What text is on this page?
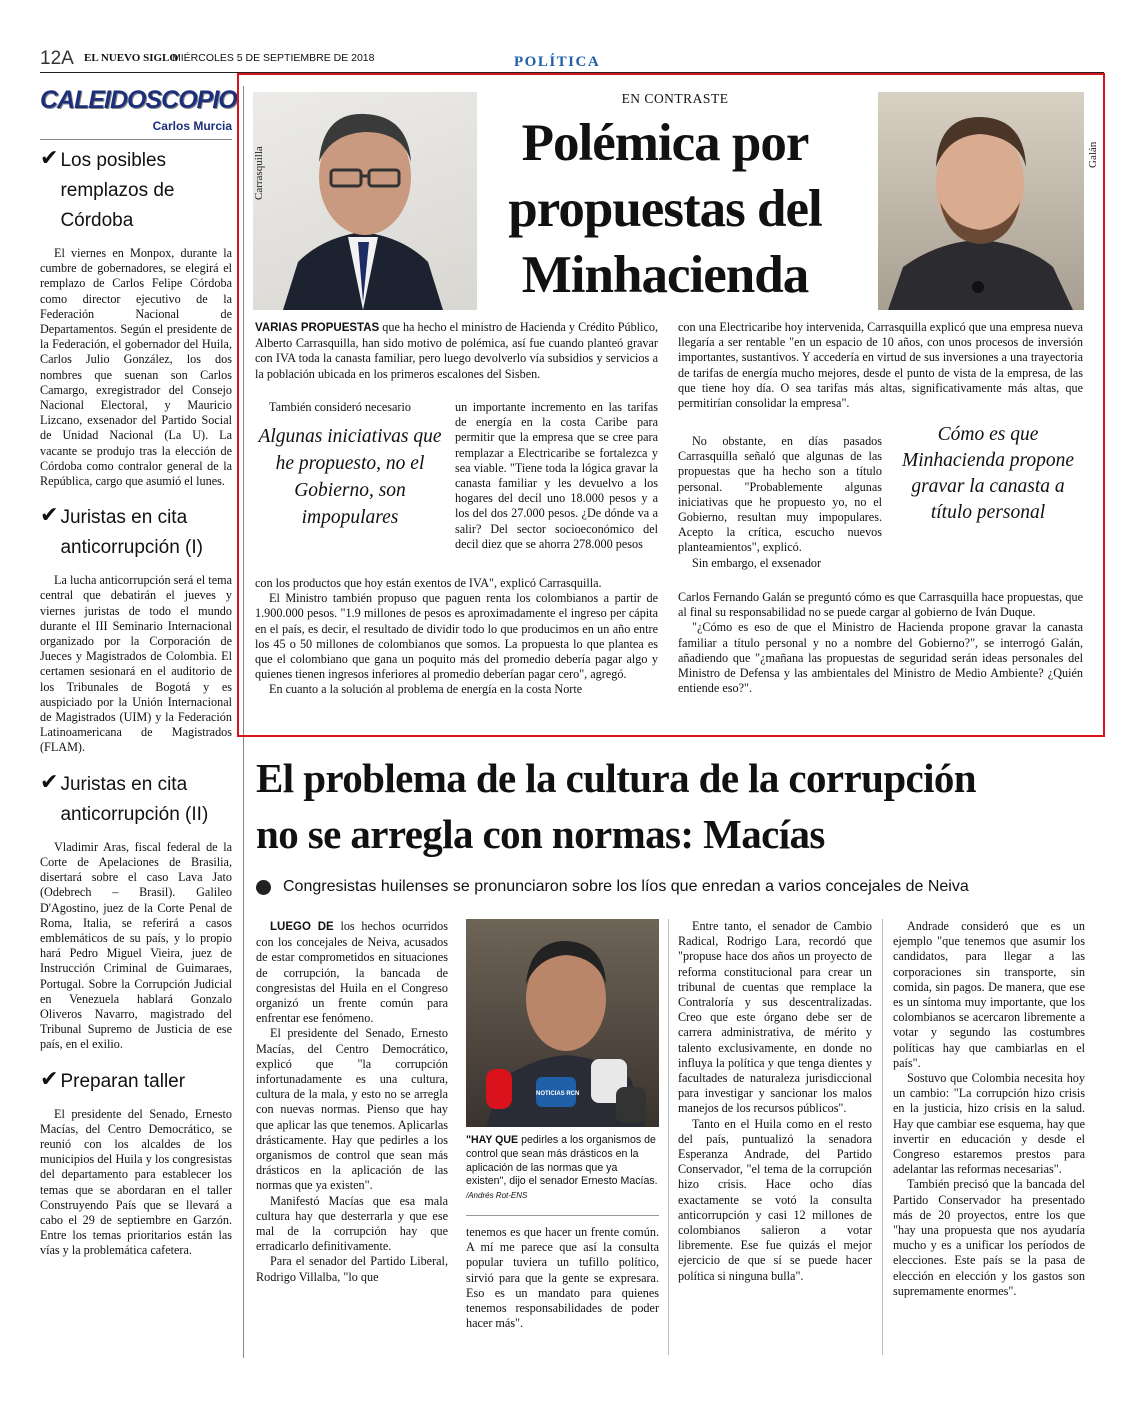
12A EL NUEVO SIGLO
MIÉRCOLES 5 DE SEPTIEMBRE DE 2018	POLÍTICA
CALEIDOSCOPIO
Carlos Murcia
✔ Los posibles remplazos de Córdoba
El viernes en Monpox, durante la cumbre de gobernadores, se elegirá el remplazo de Carlos Felipe Córdoba como director ejecutivo de la Federación Nacional de Departamentos. Según el presidente de la Federación, el gobernador del Huila, Carlos Julio González, los dos nombres que suenan son Carlos Camargo, exregistrador del Consejo Nacional Electoral, y Mauricio Lizcano, exsenador del Partido Social de Unidad Nacional (La U). La vacante se produjo tras la elección de Córdoba como contralor general de la República, cargo que asumió el lunes.
✔ Juristas en cita anticorrupción (I)
La lucha anticorrupción será el tema central que debatirán el jueves y viernes juristas de todo el mundo durante el III Seminario Internacional organizado por la Corporación de Jueces y Magistrados de Colombia. El certamen sesionará en el auditorio de los Tribunales de Bogotá y es auspiciado por la Unión Internacional de Magistrados (UIM) y la Federación Latinoamericana de Magistrados (FLAM).
✔ Juristas en cita anticorrupción (II)
Vladimir Aras, fiscal federal de la Corte de Apelaciones de Brasilia, disertará sobre el caso Lava Jato (Odebrech – Brasil). Galileo D'Agostino, juez de la Corte Penal de Roma, Italia, se referirá a casos emblemáticos de su país, y lo propio hará Pedro Miguel Vieira, juez de Instrucción Criminal de Guimaraes, Portugal. Sobre la Corrupción Judicial en Venezuela hablará Gonzalo Oliveros Navarro, magistrado del Tribunal Supremo de Justicia de ese país, en el exilio.
✔ Preparan taller
El presidente del Senado, Ernesto Macías, del Centro Democrático, se reunió con los alcaldes de los municipios del Huila y los congresistas del departamento para establecer los temas que se abordaran en el taller Construyendo País que se llevará a cabo el 29 de septiembre en Garzón. Entre los temas prioritarios están las vías y la problemática cafetera.
EN CONTRASTE
Polémica por
propuestas del
Minhacienda
Carrasquilla	Galán

VARIAS PROPUESTAS que ha hecho el ministro de Hacienda y Crédito Público, Alberto Carrasquilla, han sido motivo de polémica, así fue cuando planteó gravar con IVA toda la canasta familiar, pero luego devolverlo vía subsidios y servicios a la población ubicada en los primeros escalones del Sisben.

También consideró necesario
Algunas iniciativas que he propuesto, no el Gobierno, son impopulares
un importante incremento en las tarifas de energía en la costa Caribe para permitir que la empresa que se cree para remplazar a Electricaribe se fortalezca y sea viable. "Tiene toda la lógica gravar la canasta familiar y les devuelvo a los hogares del decil uno 18.000 pesos y a los del dos 27.000 pesos. ¿De dónde va a salir? Del sector socioeconómico del decil diez que se ahorra 278.000 pesos

con los productos que hoy están exentos de IVA", explicó Carrasquilla.

El Ministro también propuso que paguen renta los colombianos a partir de 1.900.000 pesos. "1.9 millones de pesos es aproximadamente el ingreso per cápita en el país, es decir, el resultado de dividir todo lo que producimos en un año entre los 45 o 50 millones de colombianos que somos. La propuesta lo que plantea es que el colombiano que gana un poquito más del promedio debería pagar algo y quienes tienen ingresos inferiores al promedio deberían pagar cero", agregó.

En cuanto a la solución al problema de energía en la costa Norte

con una Electricaribe hoy intervenida, Carrasquilla explicó que una empresa nueva llegaría a ser rentable "en un espacio de 10 años, con unos procesos de inversión importantes, sustantivos. Y accedería en virtud de sus inversiones a una trayectoria de tarifas de energía mucho mejores, desde el punto de vista de la empresa, de las que tiene hoy día. O sea tarifas más altas, significativamente más altas, que permitirían consolidar la empresa".

No obstante, en días pasados Carrasquilla señaló que algunas de las propuestas que ha hecho son a título personal. "Probablemente algunas iniciativas que he propuesto yo, no el Gobierno, resultan muy impopulares. Acepto la crítica, escucho nuevos planteamientos", explicó.

Sin embargo, el exsenador

Cómo es que Minhacienda propone gravar la canasta a título personal

Carlos Fernando Galán se preguntó cómo es que Carrasquilla hace propuestas, que al final su responsabilidad no se puede cargar al gobierno de Iván Duque.

"¿Cómo es eso de que el Ministro de Hacienda propone gravar la canasta familiar a título personal y no a nombre del Gobierno?", se interrogó Galán, añadiendo que "¿mañana las propuestas de seguridad serán ideas personales del Ministro de Defensa y las ambientales del Ministro de Medio Ambiente? ¿Quién entiende eso?".

El problema de la cultura de la corrupción
no se arregla con normas: Macías
Congresistas huilenses se pronunciaron sobre los líos que enredan a varios concejales de Neiva

LUEGO DE los hechos ocurridos con los concejales de Neiva, acusados de estar comprometidos en situaciones de corrupción, la bancada de congresistas del Huila en el Congreso organizó un frente común para enfrentar ese fenómeno.

El presidente del Senado, Ernesto Macías, del Centro Democrático, explicó que "la corrupción infortunadamente es una cultura, cultura de la mala, y esto no se arregla con nuevas normas. Pienso que hay que aplicar las que tenemos. Aplicarlas drásticamente. Hay que pedirles a los organismos de control que sean más drásticos en la aplicación de las normas que ya existen".

Manifestó Macías que esa mala cultura hay que desterrarla y que ese mal de la corrupción hay que erradicarlo definitivamente.

Para el senador del Partido Liberal, Rodrigo Villalba, "lo que

NOTICIAS RCN
"HAY QUE pedirles a los organismos de control que sean más drásticos en la aplicación de las normas que ya existen", dijo el senador Ernesto Macías. /Andrés Rot-ENS

tenemos es que hacer un frente común. A mí me parece que así la consulta popular tuviera un tufillo político, sirvió para que la gente se expresara. Eso es un mandato para quienes tenemos responsabilidades de poder hacer más".

Entre tanto, el senador de Cambio Radical, Rodrigo Lara, recordó que "propuse hace dos años un proyecto de reforma constitucional para crear un tribunal de cuentas que remplace la Contraloría y sus descentralizadas. Creo que este órgano debe ser de carrera administrativa, de mérito y talento exclusivamente, en donde no influya la política y que tenga dientes y facultades de naturaleza jurisdiccional para investigar y sancionar los malos manejos de los recursos públicos".

Tanto en el Huila como en el resto del país, puntualizó la senadora Esperanza Andrade, del Partido Conservador, "el tema de la corrupción hizo crisis. Hace ocho días exactamente se votó la consulta anticorrupción y casi 12 millones de colombianos salieron a votar libremente. Ese fue quizás el mejor ejercicio de que sí se puede hacer política si ninguna bulla".

Andrade consideró que es un ejemplo "que tenemos que asumir los candidatos, para llegar a las corporaciones sin transporte, sin comida, sin pagos. De manera, que ese es un síntoma muy importante, que los colombianos se acercaron libremente a votar y segundo las costumbres políticas hay que cambiarlas en el país".

Sostuvo que Colombia necesita hoy un cambio: "La corrupción hizo crisis en la justicia, hizo crisis en la salud. Hay que cambiar ese esquema, hay que invertir en educación y desde el Congreso estaremos prestos para adelantar las reformas necesarias".

También precisó que la bancada del Partido Conservador ha presentado más de 20 proyectos, entre los que "hay una propuesta que nos ayudaría mucho y es a unificar los períodos de elecciones. Este país se la pasa de elección en elección y los gastos son supremamente enormes".
